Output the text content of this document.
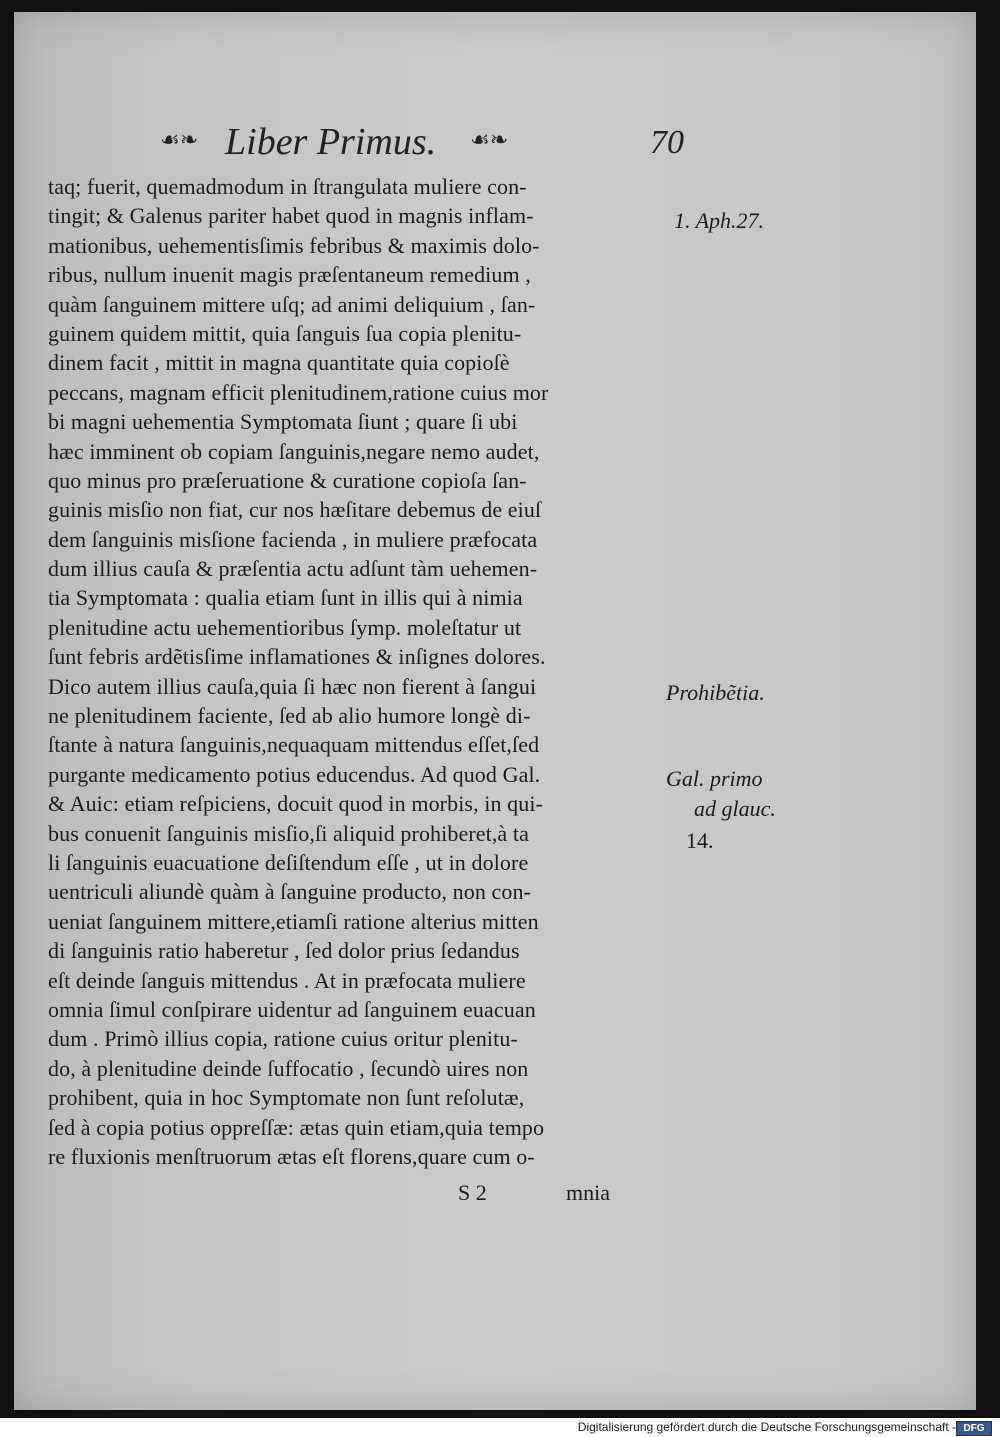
☙❧ Liber Primus. ☙❧	70
taq; fuerit, quemadmodum in ſtrangulata muliere con-
tingit; & Galenus pariter habet quod in magnis inflam-
mationibus, uehementisſimis febribus & maximis dolo-
ribus, nullum inuenit magis præſentaneum remedium ,
quàm ſanguinem mittere uſq; ad animi deliquium , ſan-
guinem quidem mittit, quia ſanguis ſua copia plenitu-
dinem facit , mittit in magna quantitate quia copioſè
peccans, magnam efficit plenitudinem,ratione cuius mor
bi magni uehementia Symptomata ſiunt ; quare ſi ubi
hæc imminent ob copiam ſanguinis,negare nemo audet,
quo minus pro præſeruatione & curatione copioſa ſan-
guinis misſio non fiat, cur nos hæſitare debemus de eiuſ
dem ſanguinis misſione facienda , in muliere præfocata
dum illius cauſa & præſentia actu adſunt tàm uehemen-
tia Symptomata : qualia etiam ſunt in illis qui à nimia
plenitudine actu uehementioribus ſymp. moleſtatur ut
ſunt febris ardẽtisſime inflamationes & inſignes dolores.
Dico autem illius cauſa,quia ſi hæc non fierent à ſangui
ne plenitudinem faciente, ſed ab alio humore longè di-
ſtante à natura ſanguinis,nequaquam mittendus eſſet,ſed
purgante medicamento potius educendus. Ad quod Gal.
& Auic: etiam reſpiciens, docuit quod in morbis, in qui-
bus conuenit ſanguinis misſio,ſi aliquid prohiberet,à ta
li ſanguinis euacuatione deſiſtendum eſſe , ut in dolore
uentriculi aliundè quàm à ſanguine producto, non con-
ueniat ſanguinem mittere,etiamſi ratione alterius mitten
di ſanguinis ratio haberetur , ſed dolor prius ſedandus
eſt deinde ſanguis mittendus . At in præfocata muliere
omnia ſimul conſpirare uidentur ad ſanguinem euacuan
dum . Primò illius copia, ratione cuius oritur plenitu-
do, à plenitudine deinde ſuffocatio , ſecundò uires non
prohibent, quia in hoc Symptomate non ſunt reſolutæ,
ſed à copia potius oppreſſæ: ætas quin etiam,quia tempo
re fluxionis menſtruorum ætas eſt florens,quare cum o-
S 2	mnia
1. Aph.27.
Prohibẽtia.
Gal. primo
ad glauc.
14.
Digitalisierung gefördert durch die Deutsche Forschungsgemeinschaft - DFG
